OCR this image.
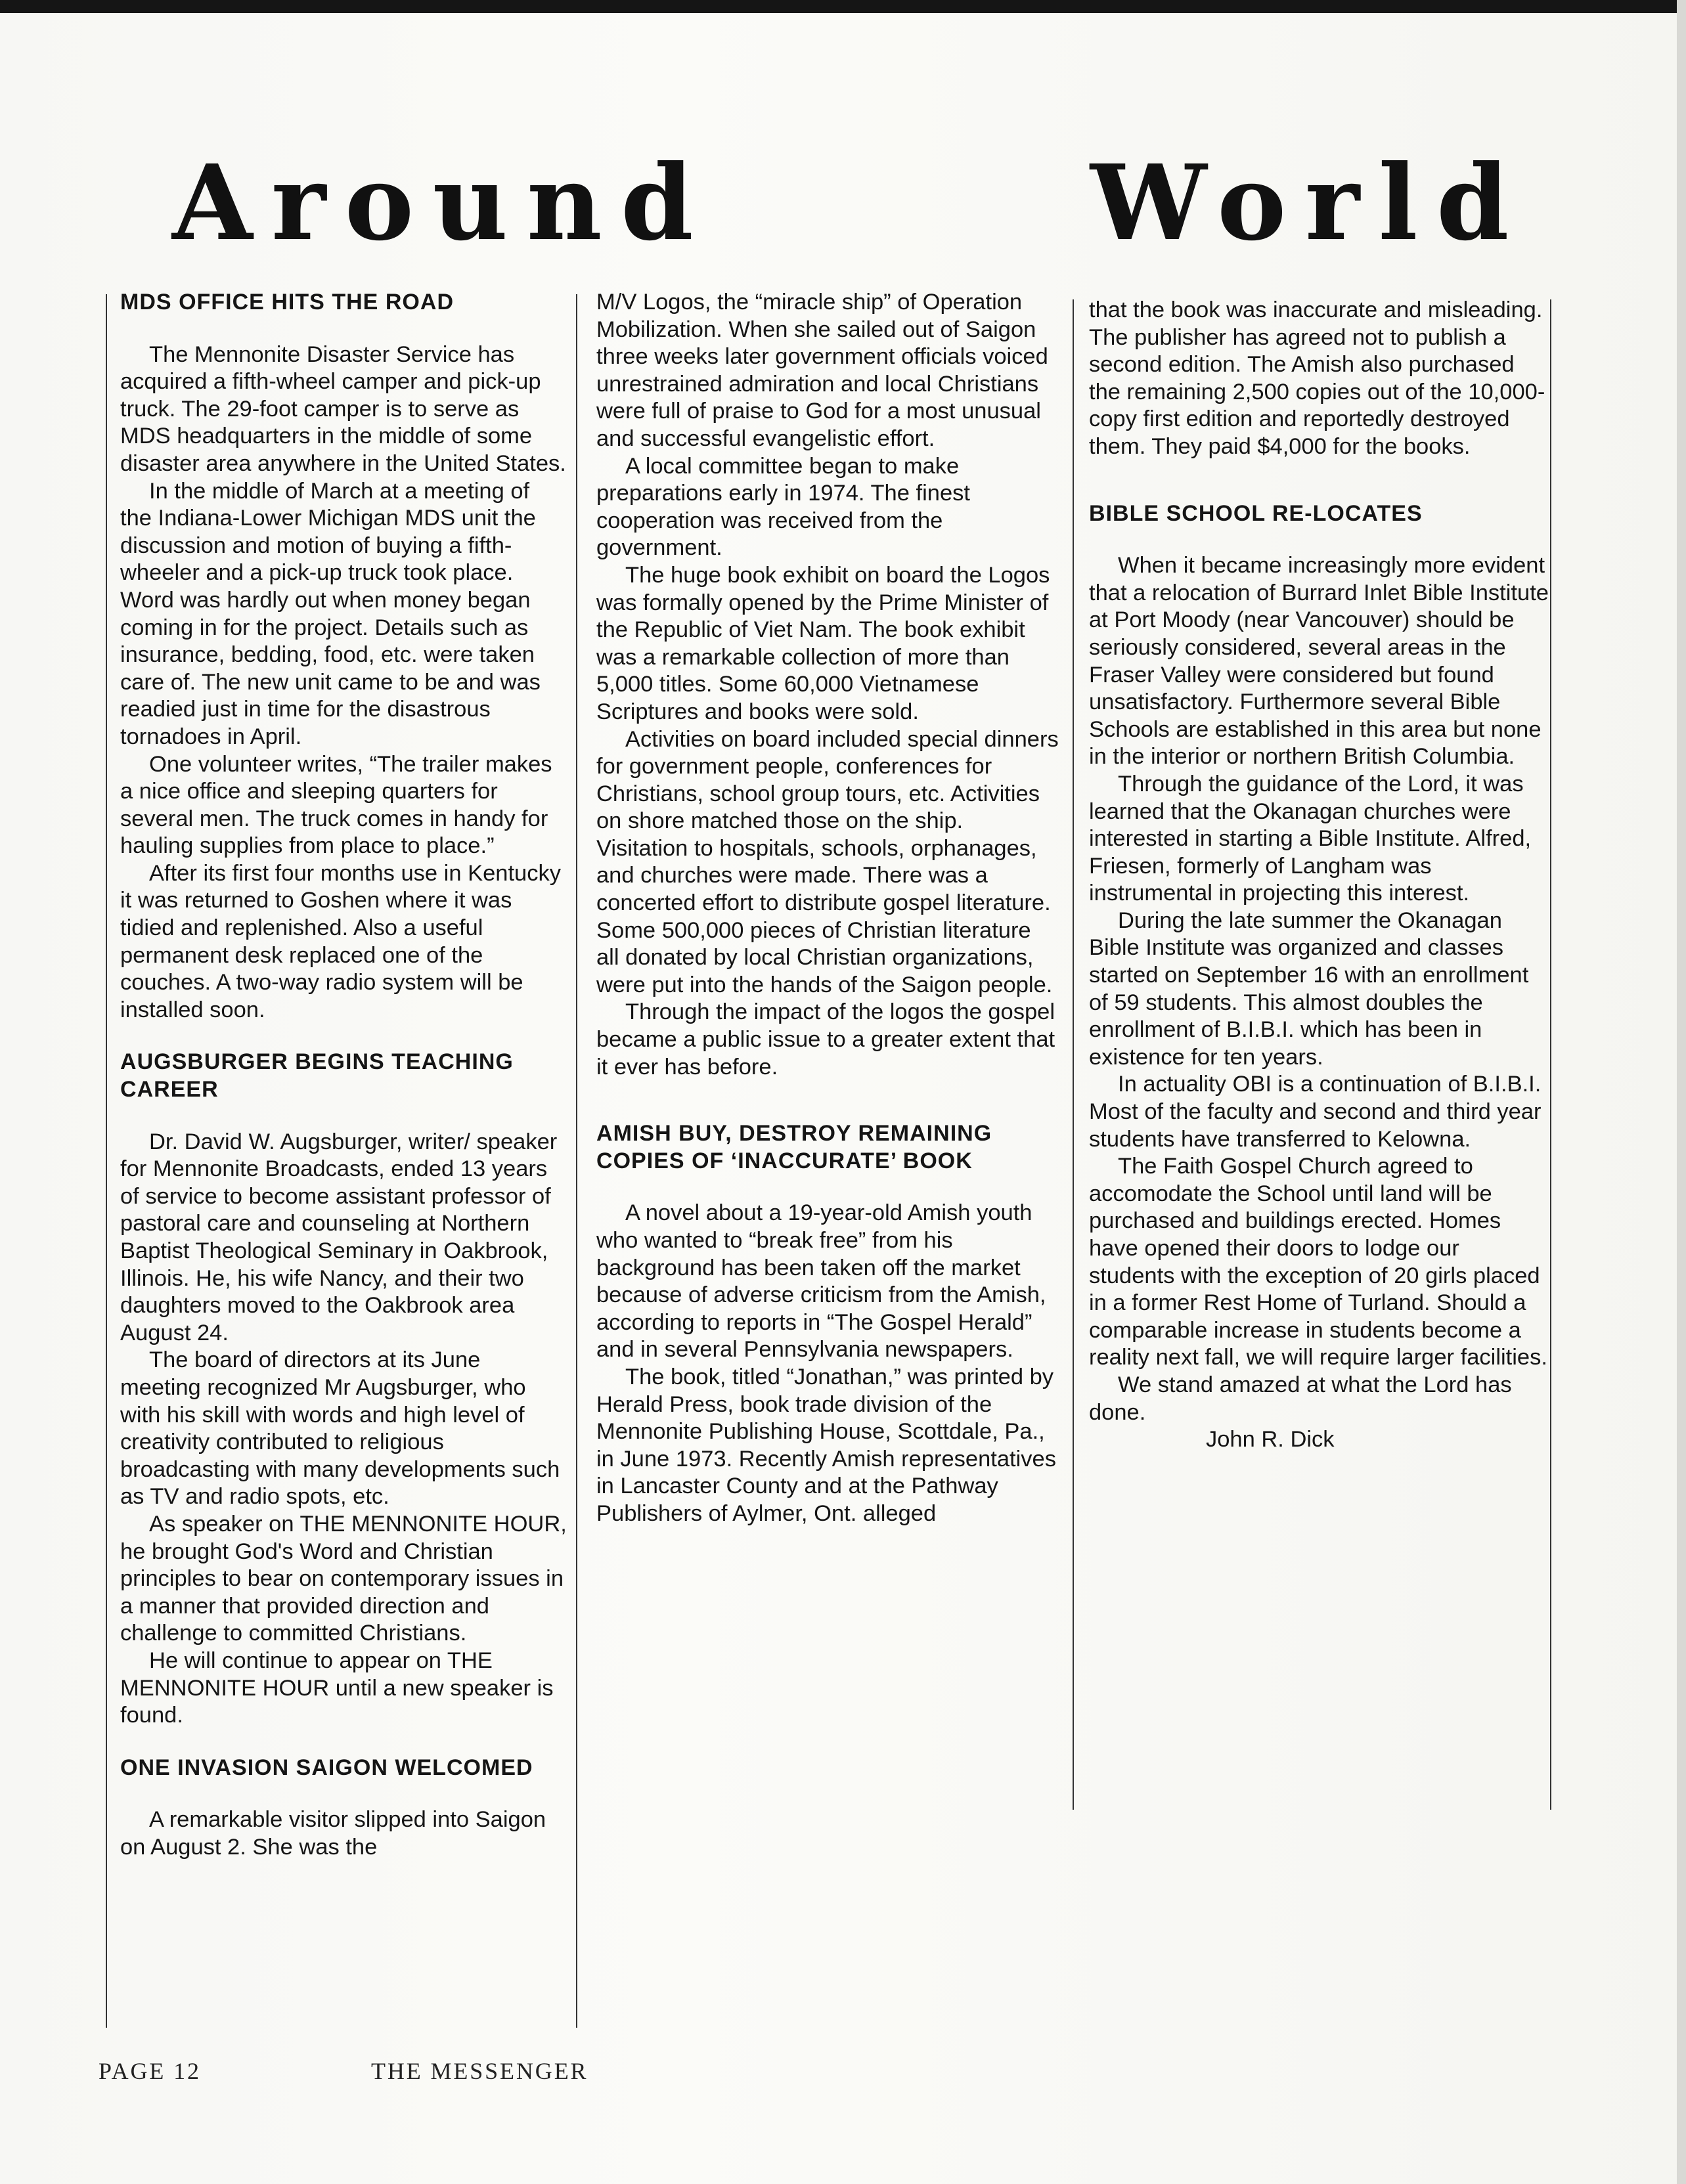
Around	World
MDS OFFICE HITS THE ROAD

The Mennonite Disaster Service has acquired a fifth-wheel camper and pick-up truck. The 29-foot camper is to serve as MDS headquarters in the middle of some disaster area anywhere in the United States.

In the middle of March at a meeting of the Indiana-Lower Michigan MDS unit the discussion and motion of buying a fifth-wheeler and a pick-up truck took place. Word was hardly out when money began coming in for the project. Details such as insurance, bedding, food, etc. were taken care of. The new unit came to be and was readied just in time for the disastrous tornadoes in April.

One volunteer writes, “The trailer makes a nice office and sleeping quarters for several men. The truck comes in handy for hauling supplies from place to place.”

After its first four months use in Kentucky it was returned to Goshen where it was tidied and replenished. Also a useful permanent desk replaced one of the couches. A two-way radio system will be installed soon.

AUGSBURGER BEGINS TEACHING CAREER

Dr. David W. Augsburger, writer/ speaker for Mennonite Broadcasts, ended 13 years of service to become assistant professor of pastoral care and counseling at Northern Baptist Theological Seminary in Oakbrook, Illinois. He, his wife Nancy, and their two daughters moved to the Oakbrook area August 24.

The board of directors at its June meeting recognized Mr Augsburger, who with his skill with words and high level of creativity contributed to religious broadcasting with many developments such as TV and radio spots, etc.

As speaker on THE MENNONITE HOUR, he brought God's Word and Christian principles to bear on contemporary issues in a manner that provided direction and challenge to committed Christians.

He will continue to appear on THE MENNONITE HOUR until a new speaker is found.

ONE INVASION SAIGON WELCOMED

A remarkable visitor slipped into Saigon on August 2. She was the

M/V Logos, the “miracle ship” of Operation Mobilization. When she sailed out of Saigon three weeks later government officials voiced unrestrained admiration and local Christians were full of praise to God for a most unusual and successful evangelistic effort.

A local committee began to make preparations early in 1974. The finest cooperation was received from the government.

The huge book exhibit on board the Logos was formally opened by the Prime Minister of the Republic of Viet Nam. The book exhibit was a remarkable collection of more than 5,000 titles. Some 60,000 Vietnamese Scriptures and books were sold.

Activities on board included special dinners for government people, conferences for Christians, school group tours, etc. Activities on shore matched those on the ship. Visitation to hospitals, schools, orphanages, and churches were made. There was a concerted effort to distribute gospel literature. Some 500,000 pieces of Christian literature all donated by local Christian organizations, were put into the hands of the Saigon people.

Through the impact of the logos the gospel became a public issue to a greater extent that it ever has before.

AMISH BUY, DESTROY REMAINING COPIES OF ‘INACCURATE’ BOOK

A novel about a 19-year-old Amish youth who wanted to “break free” from his background has been taken off the market because of adverse criticism from the Amish, according to reports in “The Gospel Herald” and in several Pennsylvania newspapers.

The book, titled “Jonathan,” was printed by Herald Press, book trade division of the Mennonite Publishing House, Scottdale, Pa., in June 1973. Recently Amish representatives in Lancaster County and at the Pathway Publishers of Aylmer, Ont. alleged

that the book was inaccurate and misleading. The publisher has agreed not to publish a second edition. The Amish also purchased the remaining 2,500 copies out of the 10,000-copy first edition and reportedly destroyed them. They paid $4,000 for the books.

BIBLE SCHOOL RE-LOCATES

When it became increasingly more evident that a relocation of Burrard Inlet Bible Institute at Port Moody (near Vancouver) should be seriously considered, several areas in the Fraser Valley were considered but found unsatisfactory. Furthermore several Bible Schools are established in this area but none in the interior or northern British Columbia.

Through the guidance of the Lord, it was learned that the Okanagan churches were interested in starting a Bible Institute. Alfred, Friesen, formerly of Langham was instrumental in projecting this interest.

During the late summer the Okanagan Bible Institute was organized and classes started on September 16 with an enrollment of 59 students. This almost doubles the enrollment of B.I.B.I. which has been in existence for ten years.

In actuality OBI is a continuation of B.I.B.I. Most of the faculty and second and third year students have transferred to Kelowna.

The Faith Gospel Church agreed to accomodate the School until land will be purchased and buildings erected. Homes have opened their doors to lodge our students with the exception of 20 girls placed in a former Rest Home of Turland. Should a comparable increase in students become a reality next fall, we will require larger facilities.

We stand amazed at what the Lord has done.

John R. Dick

PAGE 12	THE MESSENGER
